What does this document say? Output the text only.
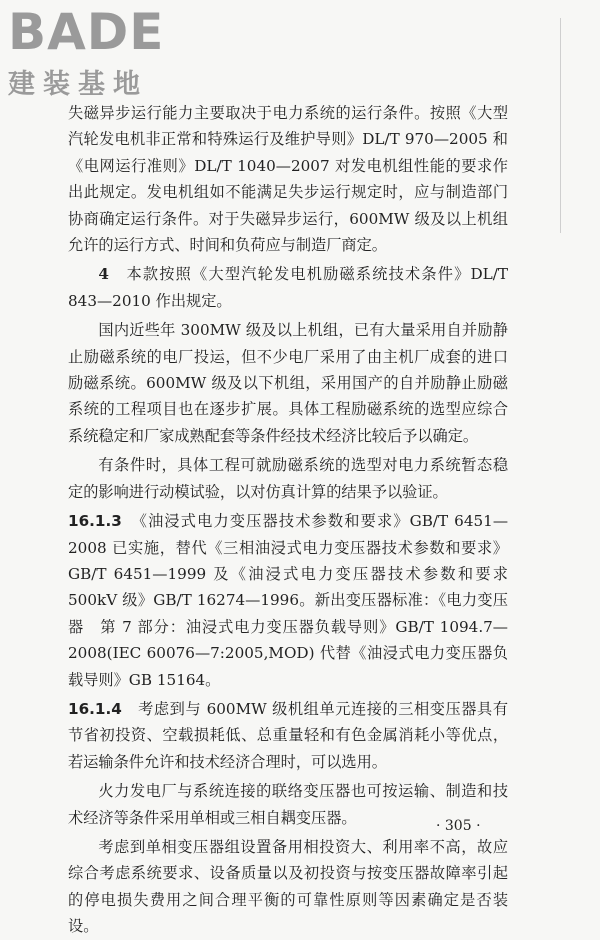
BADE
建装基地

失磁异步运行能力主要取决于电力系统的运行条件。按照《大型汽轮发电机非正常和特殊运行及维护导则》DL/T 970—2005 和《电网运行准则》DL/T 1040—2007 对发电机组性能的要求作出此规定。发电机组如不能满足失步运行规定时，应与制造部门协商确定运行条件。对于失磁异步运行，600MW 级及以上机组允许的运行方式、时间和负荷应与制造厂商定。

4　 本款按照《大型汽轮发电机励磁系统技术条件》DL/T 843—2010 作出规定。

国内近些年 300MW 级及以上机组，已有大量采用自并励静止励磁系统的电厂投运，但不少电厂采用了由主机厂成套的进口励磁系统。600MW 级及以下机组，采用国产的自并励静止励磁系统的工程项目也在逐步扩展。具体工程励磁系统的选型应综合系统稳定和厂家成熟配套等条件经技术经济比较后予以确定。

有条件时，具体工程可就励磁系统的选型对电力系统暂态稳定的影响进行动模试验，以对仿真计算的结果予以验证。

16.1.3　 《油浸式电力变压器技术参数和要求》GB/T 6451—2008 已实施，替代《三相油浸式电力变压器技术参数和要求》GB/T 6451—1999 及《油浸式电力变压器技术参数和要求　500kV 级》GB/T 16274—1996。新出变压器标准：《电力变压器　第 7 部分：油浸式电力变压器负载导则》GB/T 1094.7—2008(IEC 60076—7:2005,MOD) 代替《油浸式电力变压器负载导则》GB 15164。

16.1.4　 考虑到与 600MW 级机组单元连接的三相变压器具有节省初投资、空载损耗低、总重量轻和有色金属消耗小等优点，若运输条件允许和技术经济合理时，可以选用。

火力发电厂与系统连接的联络变压器也可按运输、制造和技术经济等条件采用单相或三相自耦变压器。

考虑到单相变压器组设置备用相投资大、利用率不高，故应综合考虑系统要求、设备质量以及初投资与按变压器故障率引起的停电损失费用之间合理平衡的可靠性原则等因素确定是否装设。

· 305 ·
